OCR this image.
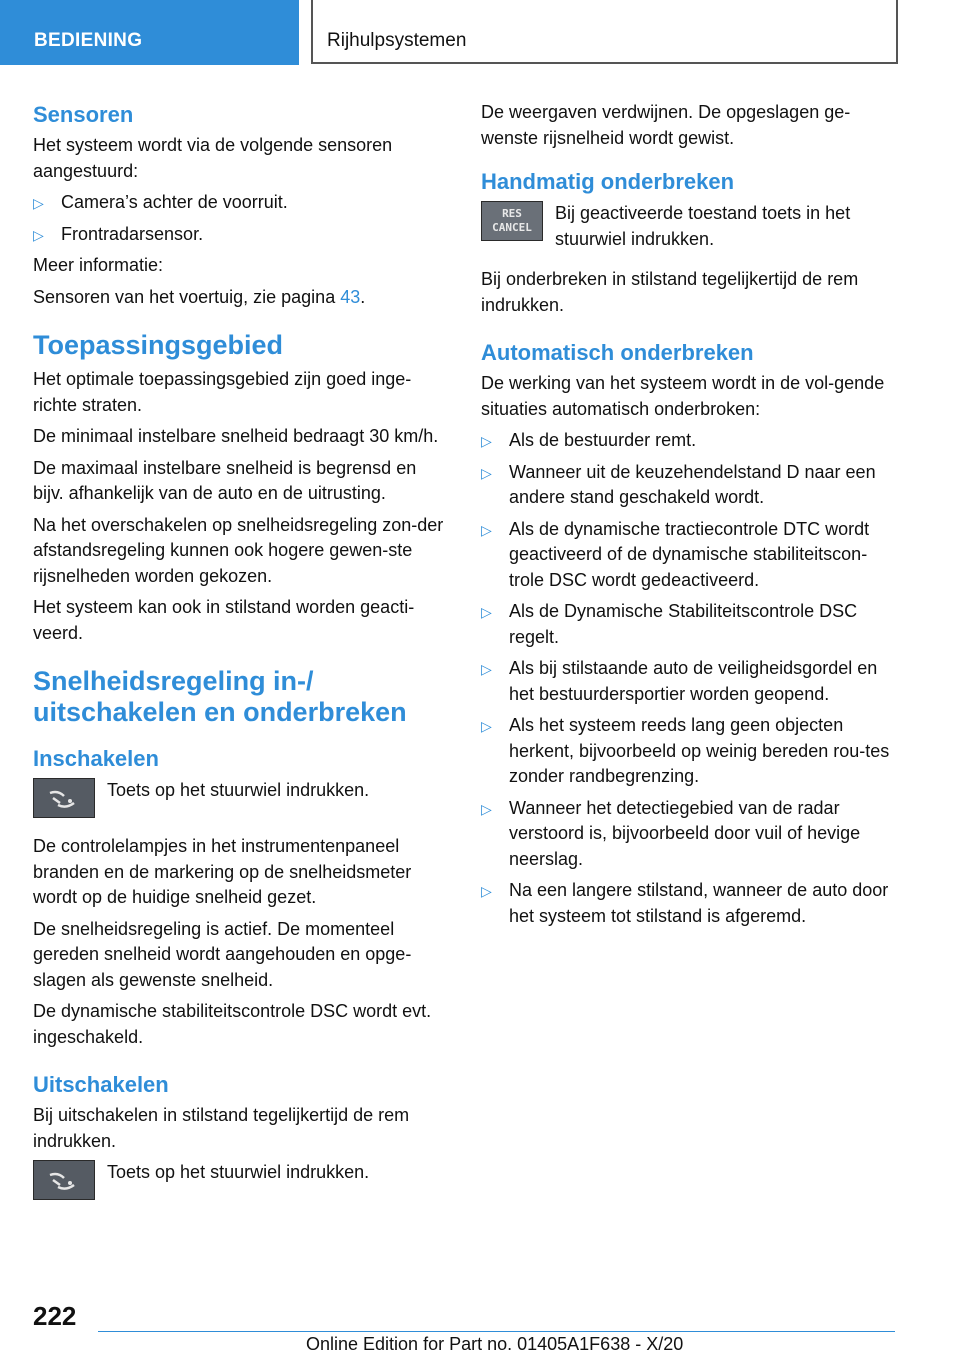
BEDIENING	Rijhulpsystemen
Sensoren

Het systeem wordt via de volgende sensoren aangestuurd:

▷ Camera’s achter de voorruit.
▷ Frontradarsensor.

Meer informatie:

Sensoren van het voertuig, zie pagina 43.

Toepassingsgebied

Het optimale toepassingsgebied zijn goed inge-richte straten.

De minimaal instelbare snelheid bedraagt 30 km/h.

De maximaal instelbare snelheid is begrensd en bijv. afhankelijk van de auto en de uitrusting.

Na het overschakelen op snelheidsregeling zon-der afstandsregeling kunnen ook hogere gewen-ste rijsnelheden worden gekozen.

Het systeem kan ook in stilstand worden geacti-veerd.

Snelheidsregeling in-/ uitschakelen en onderbreken
Inschakelen
Toets op het stuurwiel indrukken.

De controlelampjes in het instrumentenpaneel branden en de markering op de snelheidsmeter wordt op de huidige snelheid gezet.

De snelheidsregeling is actief. De momenteel gereden snelheid wordt aangehouden en opge-slagen als gewenste snelheid.

De dynamische stabiliteitscontrole DSC wordt evt. ingeschakeld.

Uitschakelen

Bij uitschakelen in stilstand tegelijkertijd de rem indrukken.

Toets op het stuurwiel indrukken.

De weergaven verdwijnen. De opgeslagen ge-wenste rijsnelheid wordt gewist.

Handmatig onderbreken
RES
CANCEL
Bij geactiveerde toestand toets in het stuurwiel indrukken.

Bij onderbreken in stilstand tegelijkertijd de rem indrukken.

Automatisch onderbreken

De werking van het systeem wordt in de vol-gende situaties automatisch onderbroken:

▷ Als de bestuurder remt.
▷ Wanneer uit de keuzehendelstand D naar een andere stand geschakeld wordt.
▷ Als de dynamische tractiecontrole DTC wordt geactiveerd of de dynamische stabiliteitscon-trole DSC wordt gedeactiveerd.
▷ Als de Dynamische Stabiliteitscontrole DSC regelt.
▷ Als bij stilstaande auto de veiligheidsgordel en het bestuurdersportier worden geopend.
▷ Als het systeem reeds lang geen objecten herkent, bijvoorbeeld op weinig bereden rou-tes zonder randbegrenzing.
▷ Wanneer het detectiegebied van de radar verstoord is, bijvoorbeeld door vuil of hevige neerslag.
▷ Na een langere stilstand, wanneer de auto door het systeem tot stilstand is afgeremd.
222
Online Edition for Part no. 01405A1F638 - X/20
